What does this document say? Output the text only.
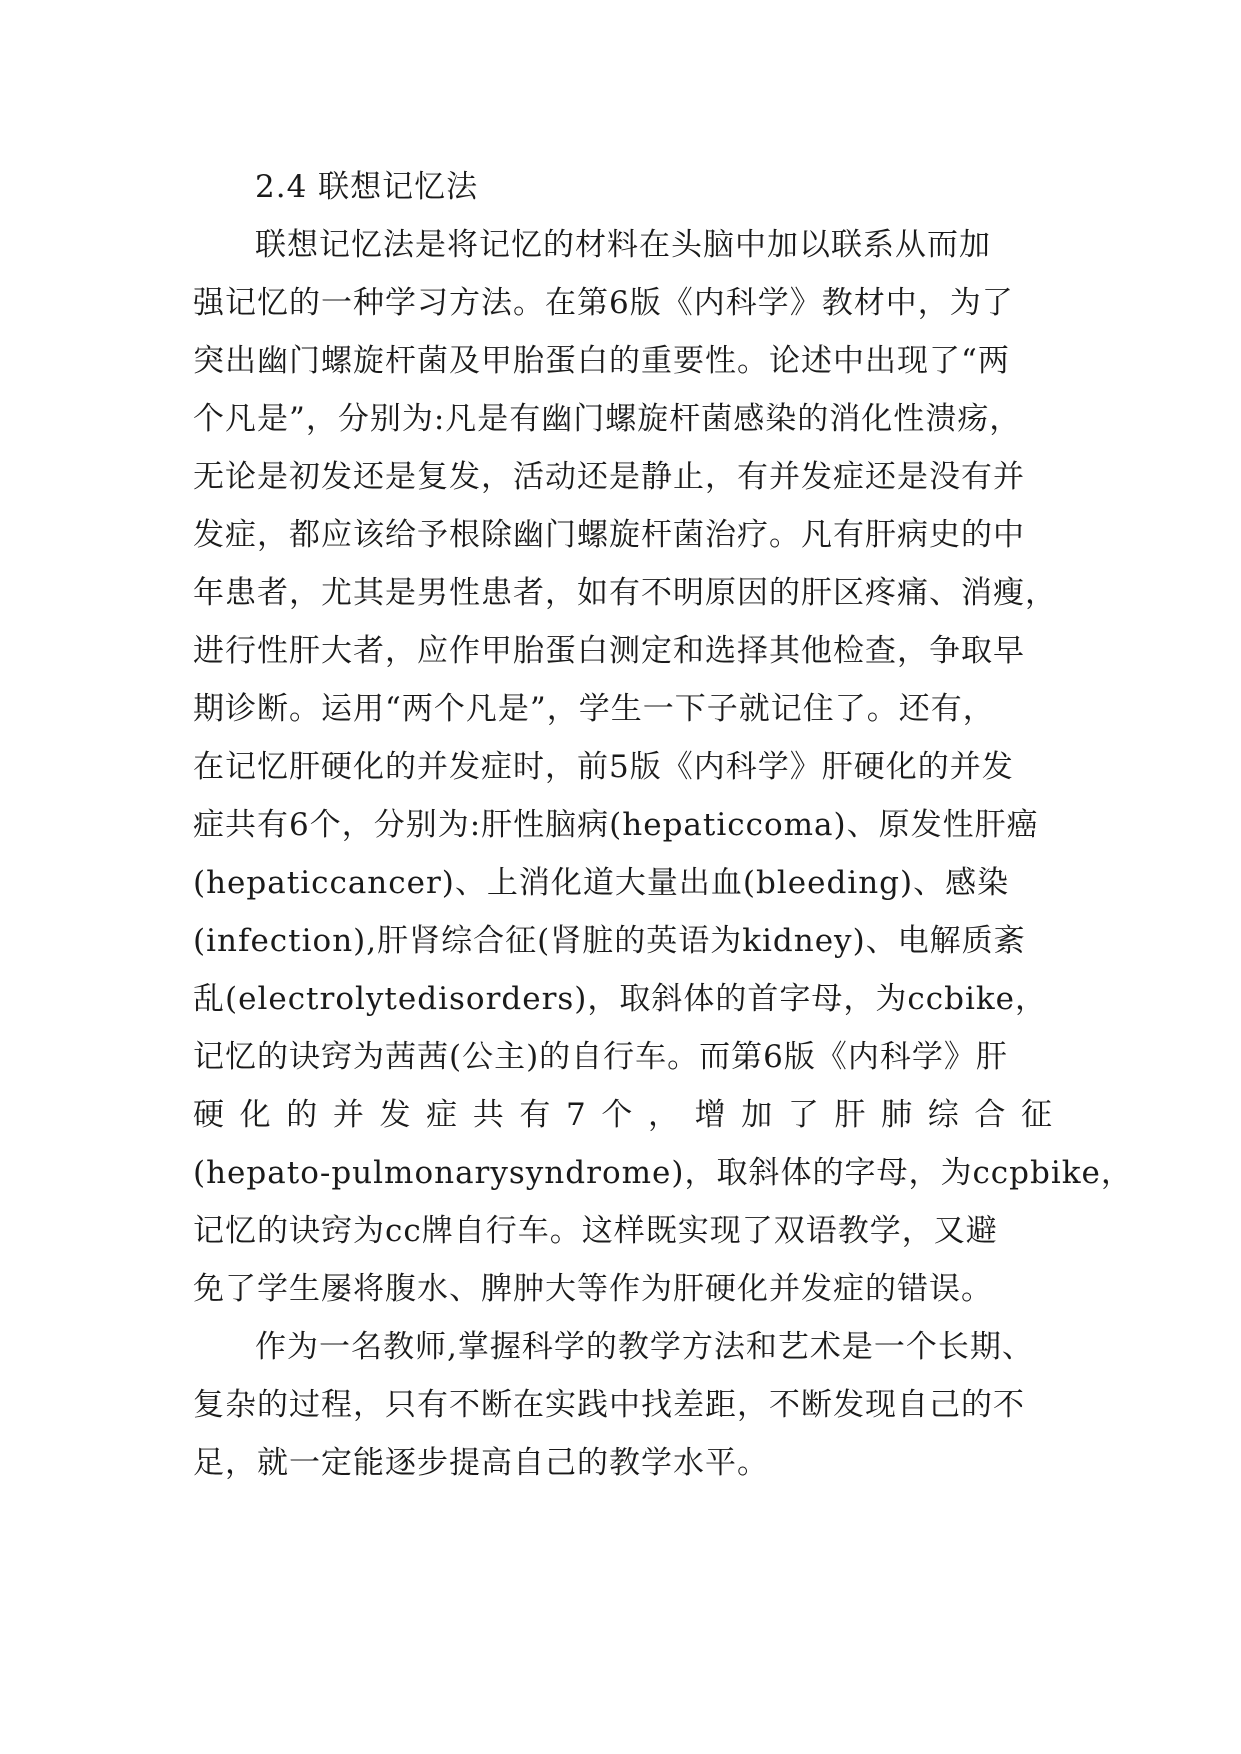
2.4 联想记忆法
联想记忆法是将记忆的材料在头脑中加以联系从而加
强记忆的一种学习方法。在第6版《内科学》教材中，为了
突出幽门螺旋杆菌及甲胎蛋白的重要性。论述中出现了“两
个凡是”，分别为:凡是有幽门螺旋杆菌感染的消化性溃疡，
无论是初发还是复发，活动还是静止，有并发症还是没有并
发症，都应该给予根除幽门螺旋杆菌治疗。凡有肝病史的中
年患者，尤其是男性患者，如有不明原因的肝区疼痛、消瘦，
进行性肝大者，应作甲胎蛋白测定和选择其他检查，争取早
期诊断。运用“两个凡是”，学生一下子就记住了。还有，
在记忆肝硬化的并发症时，前5版《内科学》肝硬化的并发
症共有6个，分别为:肝性脑病(hepaticcoma)、原发性肝癌
(hepaticcancer)、上消化道大量出血(bleeding)、感染
(infection),肝肾综合征(肾脏的英语为kidney)、电解质紊
乱(electrolytedisorders)，取斜体的首字母，为ccbike，
记忆的诀窍为茜茜(公主)的自行车。而第6版《内科学》肝
硬 化 的 并 发 症 共 有 7 个 ， 增 加 了 肝 肺 综 合 征
(hepato-pulmonarysyndrome)，取斜体的字母，为ccpbike，
记忆的诀窍为cc牌自行车。这样既实现了双语教学，又避
免了学生屡将腹水、脾肿大等作为肝硬化并发症的错误。
作为一名教师,掌握科学的教学方法和艺术是一个长期、
复杂的过程，只有不断在实践中找差距，不断发现自己的不
足，就一定能逐步提高自己的教学水平。
